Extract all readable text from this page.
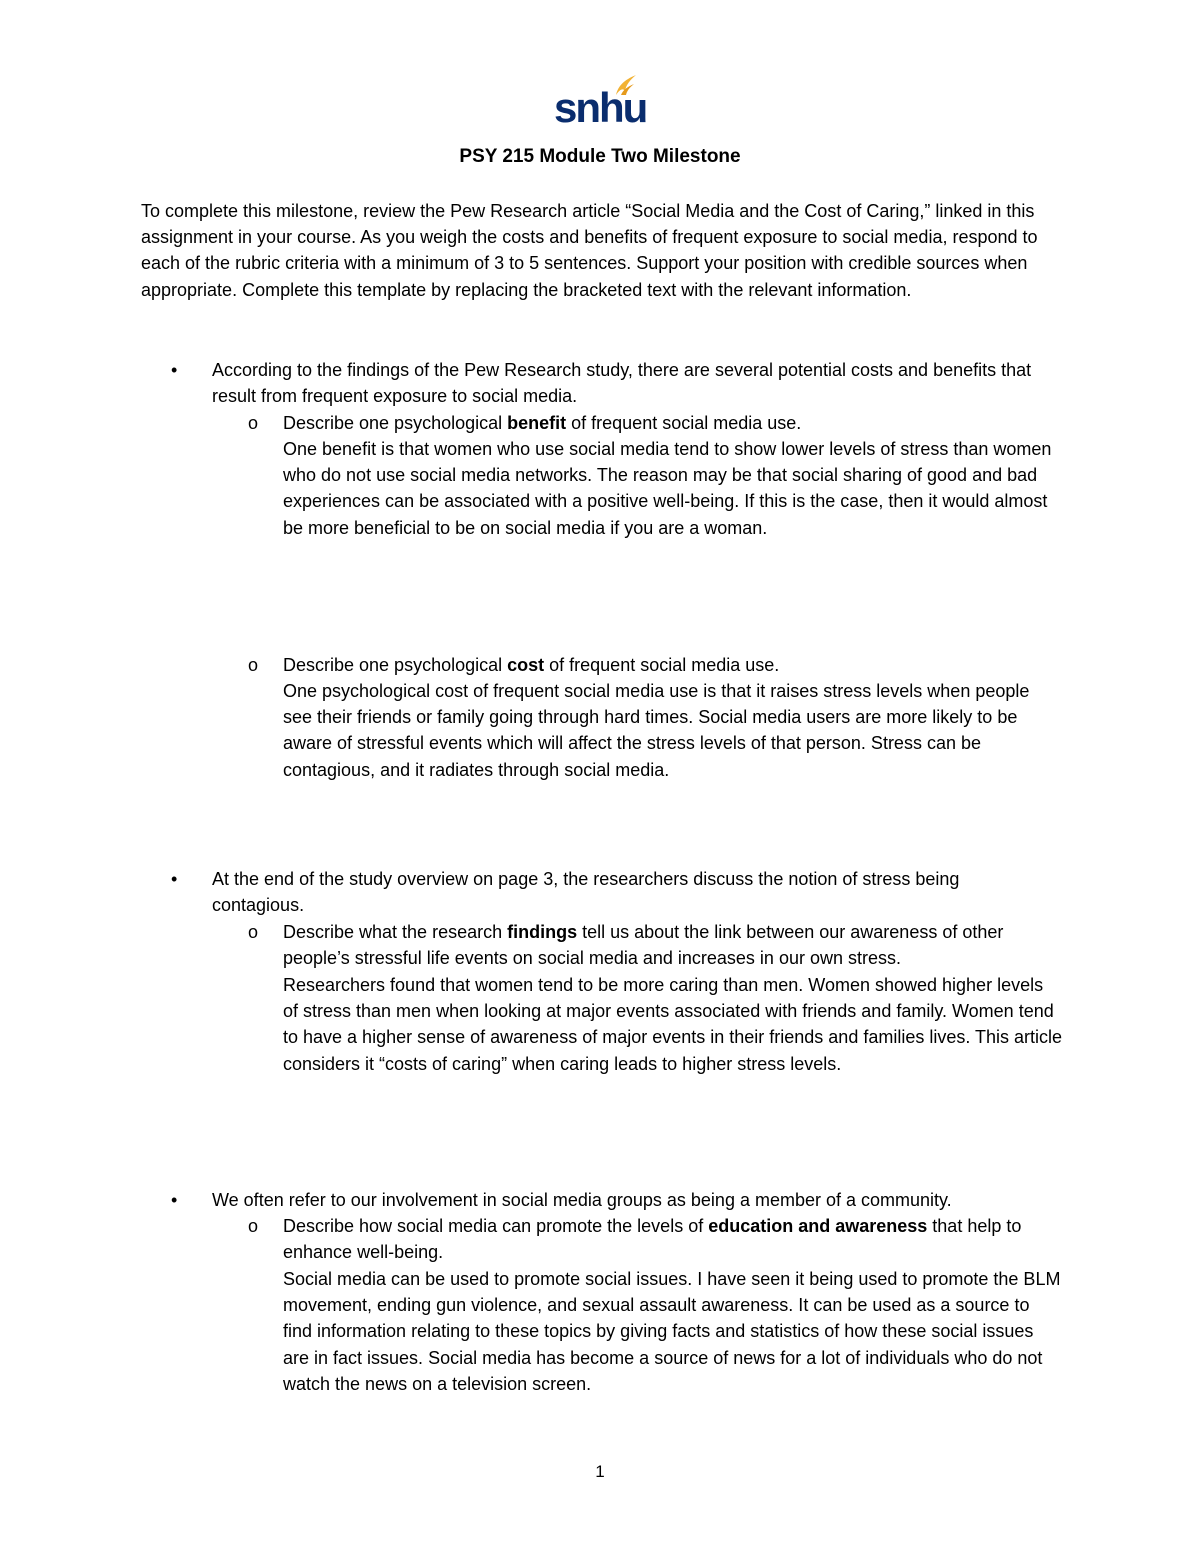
snhu
PSY 215 Module Two Milestone
To complete this milestone, review the Pew Research article “Social Media and the Cost of Caring,” linked in this assignment in your course. As you weigh the costs and benefits of frequent exposure to social media, respond to each of the rubric criteria with a minimum of 3 to 5 sentences. Support your position with credible sources when appropriate. Complete this template by replacing the bracketed text with the relevant information.
•	According to the findings of the Pew Research study, there are several potential costs and benefits that result from frequent exposure to social media.
o	Describe one psychological benefit of frequent social media use.
One benefit is that women who use social media tend to show lower levels of stress than women who do not use social media networks. The reason may be that social sharing of good and bad experiences can be associated with a positive well-being. If this is the case, then it would almost be more beneficial to be on social media if you are a woman.
o	Describe one psychological cost of frequent social media use.
One psychological cost of frequent social media use is that it raises stress levels when people see their friends or family going through hard times. Social media users are more likely to be aware of stressful events which will affect the stress levels of that person. Stress can be contagious, and it radiates through social media.
•	At the end of the study overview on page 3, the researchers discuss the notion of stress being contagious.
o	Describe what the research findings tell us about the link between our awareness of other people’s stressful life events on social media and increases in our own stress.
Researchers found that women tend to be more caring than men. Women showed higher levels of stress than men when looking at major events associated with friends and family. Women tend to have a higher sense of awareness of major events in their friends and families lives. This article considers it “costs of caring” when caring leads to higher stress levels.
•	We often refer to our involvement in social media groups as being a member of a community.
o	Describe how social media can promote the levels of education and awareness that help to enhance well-being.
Social media can be used to promote social issues. I have seen it being used to promote the BLM movement, ending gun violence, and sexual assault awareness. It can be used as a source to find information relating to these topics by giving facts and statistics of how these social issues are in fact issues. Social media has become a source of news for a lot of individuals who do not watch the news on a television screen.
1
